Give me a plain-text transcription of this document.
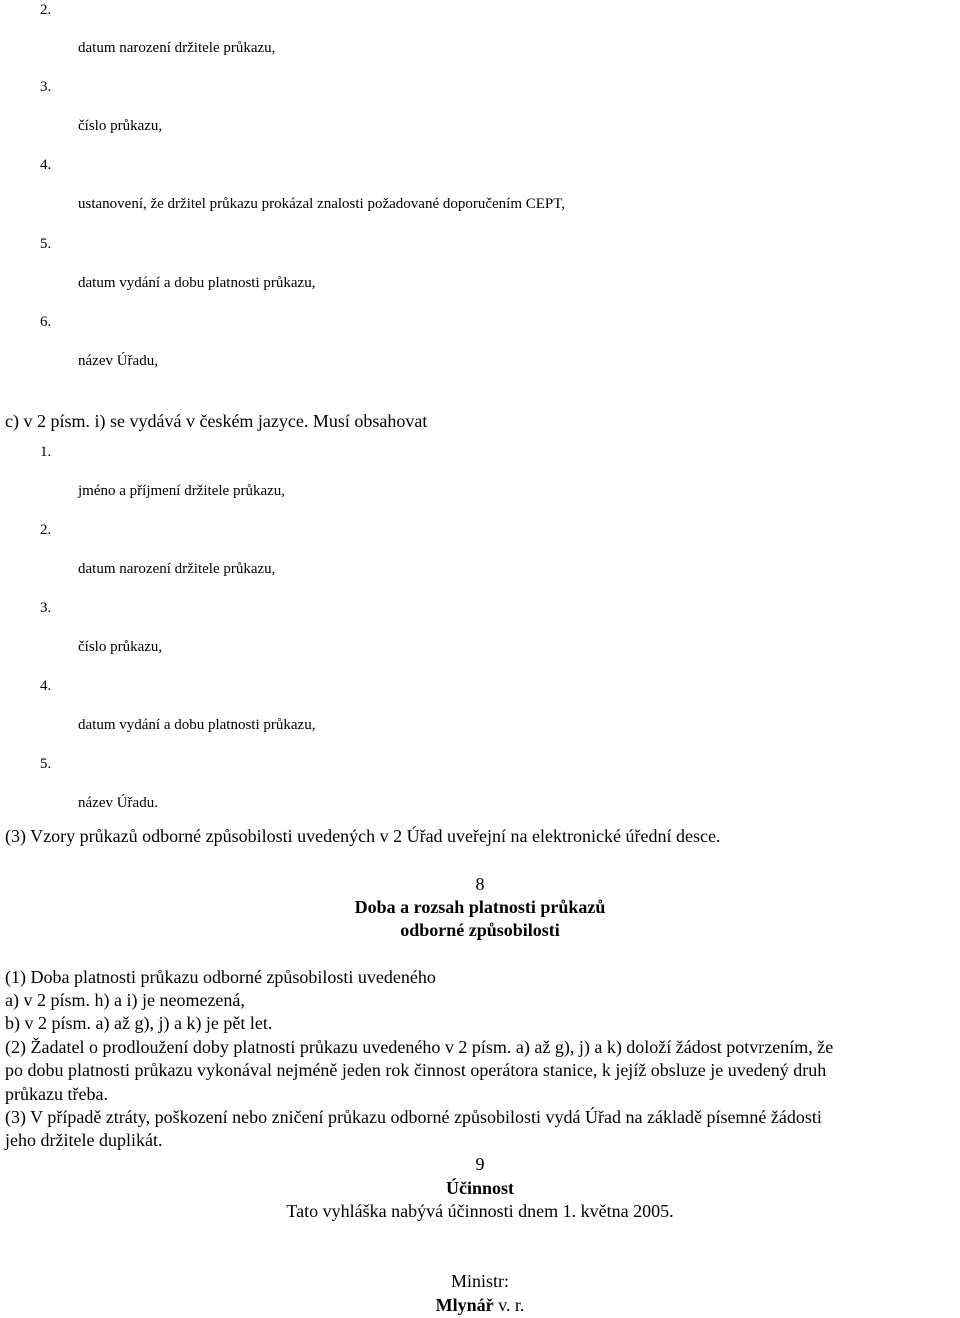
2.
datum narození držitele průkazu,
3.
číslo průkazu,
4.
ustanovení, že držitel průkazu prokázal znalosti požadované doporučením CEPT,
5.
datum vydání a dobu platnosti průkazu,
6.
název Úřadu,
c) v 2 písm. i) se vydává v českém jazyce. Musí obsahovat
1.
jméno a příjmení držitele průkazu,
2.
datum narození držitele průkazu,
3.
číslo průkazu,
4.
datum vydání a dobu platnosti průkazu,
5.
název Úřadu.
(3) Vzory průkazů odborné způsobilosti uvedených v 2 Úřad uveřejní na elektronické úřední desce.
8
Doba a rozsah platnosti průkazů
odborné způsobilosti
(1) Doba platnosti průkazu odborné způsobilosti uvedeného
a) v 2 písm. h) a i) je neomezená,
b) v 2 písm. a) až g), j) a k) je pět let.
(2) Žadatel o prodloužení doby platnosti průkazu uvedeného v 2 písm. a) až g), j) a k) doloží žádost potvrzením, že
po dobu platnosti průkazu vykonával nejméně jeden rok činnost operátora stanice, k jejíž obsluze je uvedený druh
průkazu třeba.
(3) V případě ztráty, poškození nebo zničení průkazu odborné způsobilosti vydá Úřad na základě písemné žádosti
jeho držitele duplikát.
9
Účinnost
Tato vyhláška nabývá účinnosti dnem 1. května 2005.
Ministr:
Mlynář v. r.
